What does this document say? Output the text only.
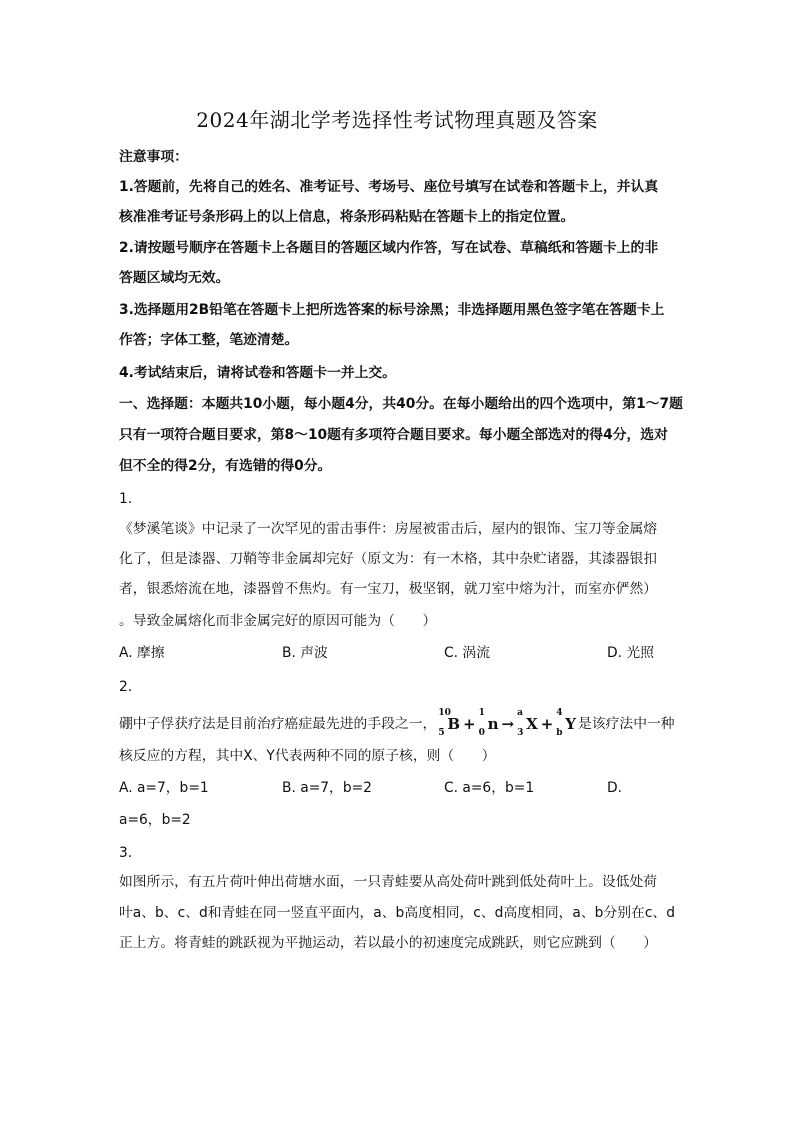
2024年湖北学考选择性考试物理真题及答案
注意事项：
1.答题前，先将自己的姓名、准考证号、考场号、座位号填写在试卷和答题卡上，并认真
核准准考证号条形码上的以上信息，将条形码粘贴在答题卡上的指定位置。
2.请按题号顺序在答题卡上各题目的答题区域内作答，写在试卷、草稿纸和答题卡上的非
答题区域均无效。
3.选择题用2B铅笔在答题卡上把所选答案的标号涂黑；非选择题用黑色签字笔在答题卡上
作答；字体工整，笔迹清楚。
4.考试结束后，请将试卷和答题卡一并上交。
一、选择题：本题共10小题，每小题4分，共40分。在每小题给出的四个选项中，第1～7题
只有一项符合题目要求，第8～10题有多项符合题目要求。每小题全部选对的得4分，选对
但不全的得2分，有选错的得0分。
1.
《梦溪笔谈》中记录了一次罕见的雷击事件：房屋被雷击后，屋内的银饰、宝刀等金属熔
化了，但是漆器、刀鞘等非金属却完好（原文为：有一木格，其中杂贮诸器，其漆器银扣
者，银悉熔流在地，漆器曾不焦灼。有一宝刀，极坚钢，就刀室中熔为汁，而室亦俨然）
。导致金属熔化而非金属完好的原因可能为（　　）
A. 摩擦	B. 声波	C. 涡流	D. 光照
2.
硼中子俘获疗法是目前治疗癌症最先进的手段之一，
10
5 B +
1
0 n →
a
3 X +
4
b Y 是该疗法中一种
核反应的方程，其中X、Y代表两种不同的原子核，则（　　）
A. a=7，b=1	B. a=7，b=2	C. a=6，b=1	D.
a=6，b=2
3.
如图所示，有五片荷叶伸出荷塘水面，一只青蛙要从高处荷叶跳到低处荷叶上。设低处荷
叶a、b、c、d和青蛙在同一竖直平面内，a、b高度相同，c、d高度相同，a、b分别在c、d
正上方。将青蛙的跳跃视为平抛运动，若以最小的初速度完成跳跃，则它应跳到（　　）
